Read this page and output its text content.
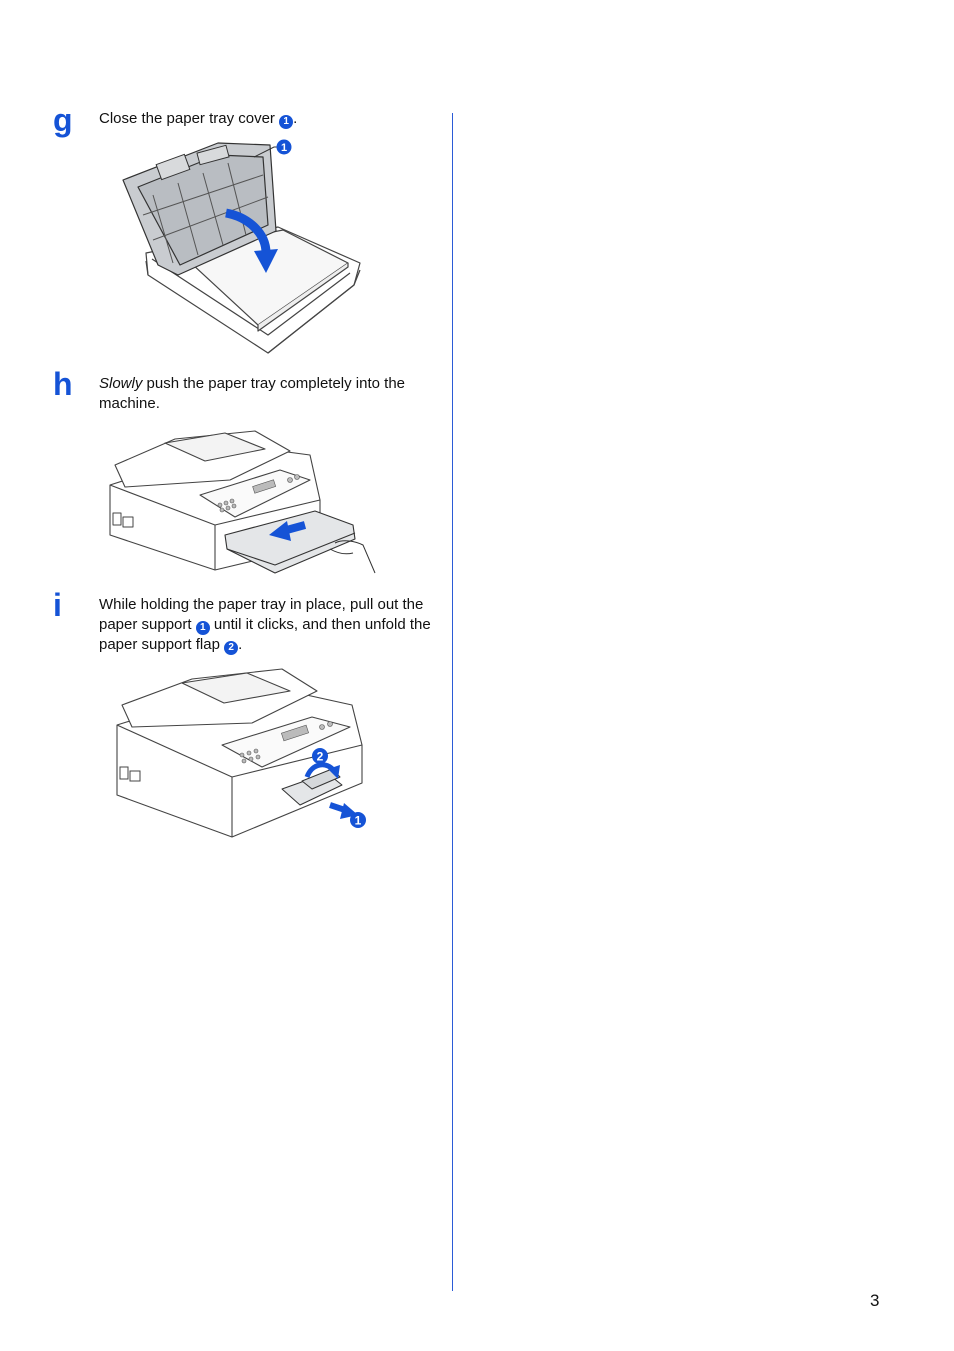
g Close the paper tray cover 1 .
1
h Slowly push the paper tray completely into the machine.
i While holding the paper tray in place, pull out the paper support 1 until it clicks, and then unfold the paper support flap 2 .
2
1
3
